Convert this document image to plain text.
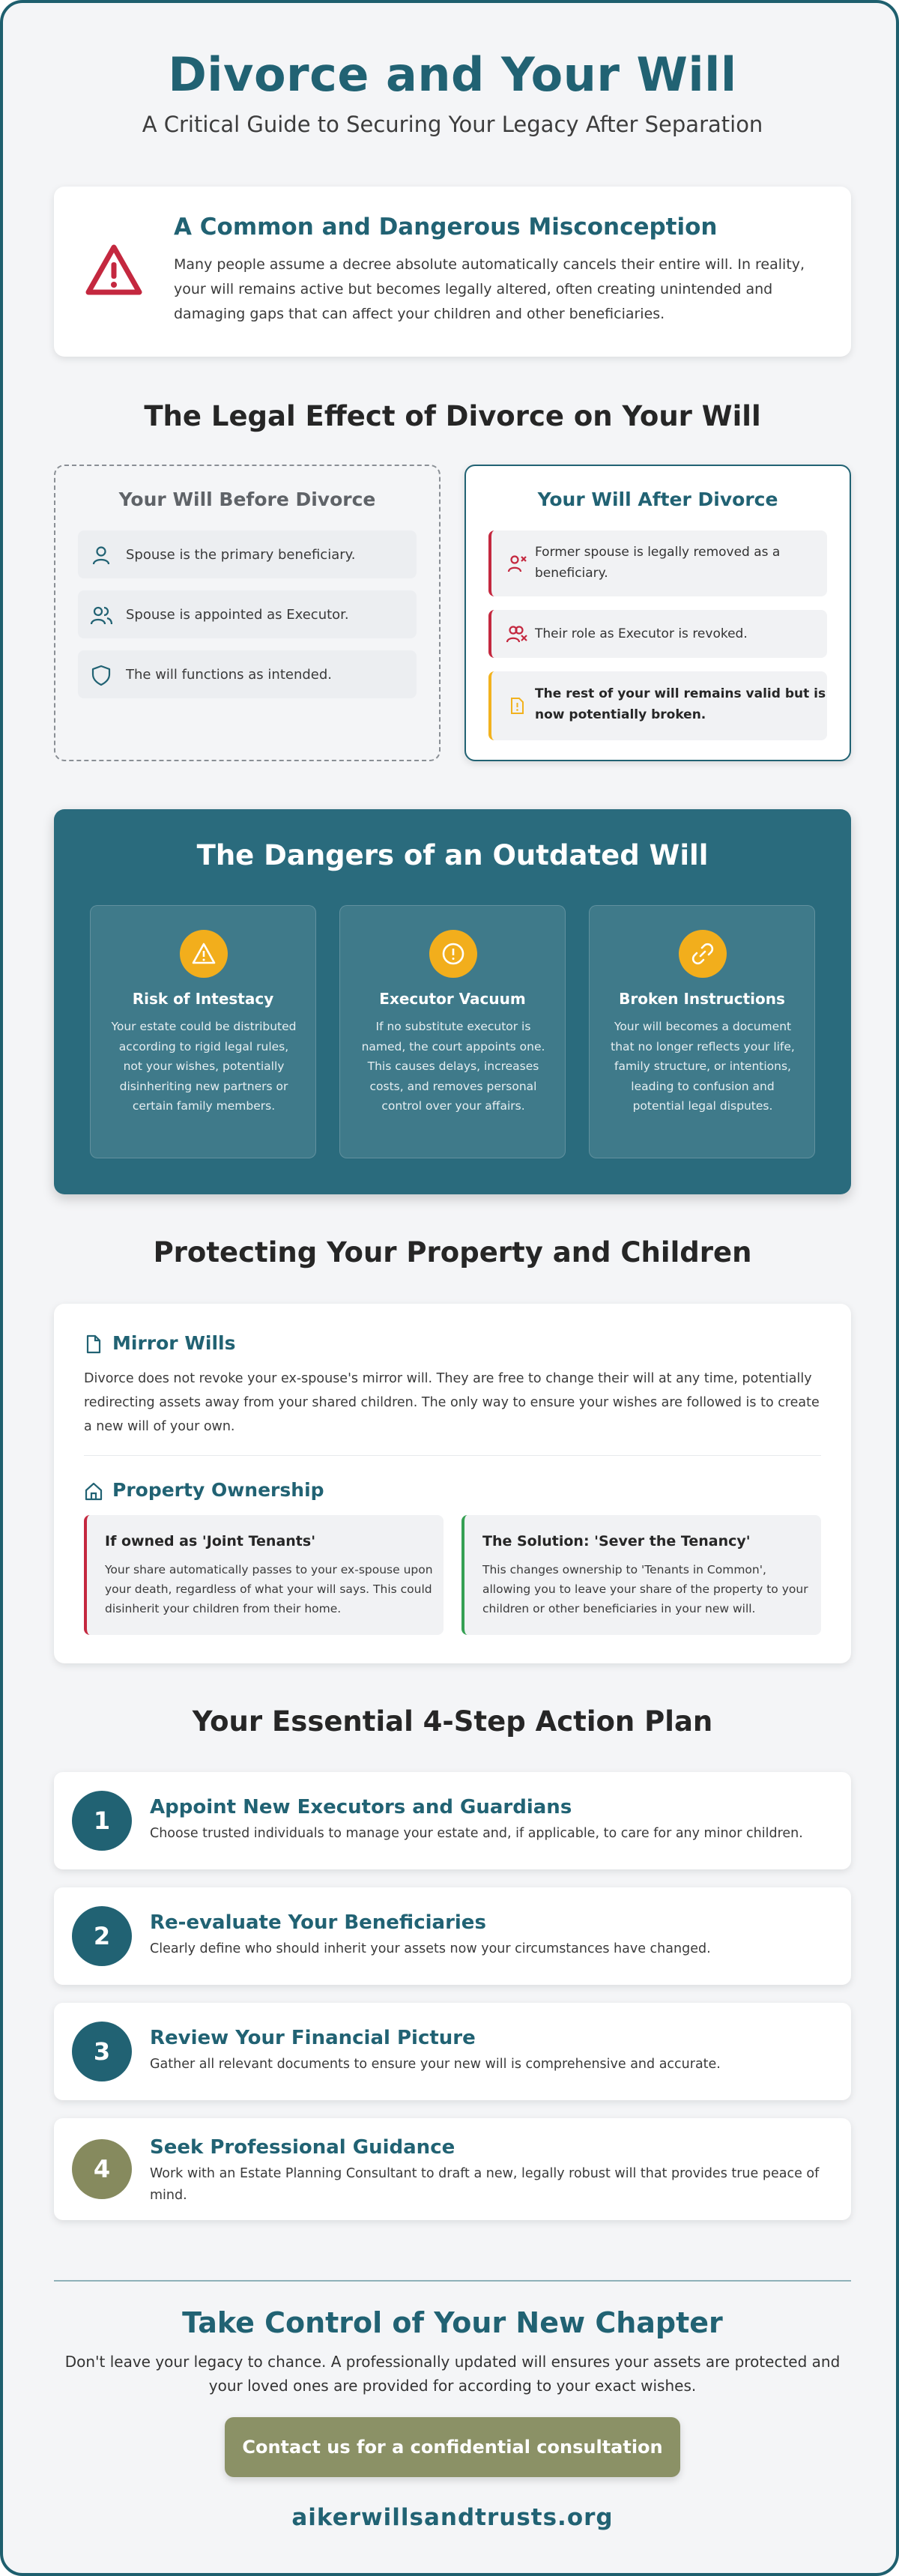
Divorce and Your Will
A Critical Guide to Securing Your Legacy After Separation
A Common and Dangerous Misconception

Many people assume a decree absolute automatically cancels their entire will. In reality, your will remains active but becomes legally altered, often creating unintended and damaging gaps that can affect your children and other beneficiaries.

The Legal Effect of Divorce on Your Will
Your Will Before Divorce
Spouse is the primary beneficiary.
Spouse is appointed as Executor.
The will functions as intended.
Your Will After Divorce
Former spouse is legally removed as a beneficiary.
Their role as Executor is revoked.
The rest of your will remains valid but is now potentially broken.
The Dangers of an Outdated Will
Risk of Intestacy

Your estate could be distributed according to rigid legal rules, not your wishes, potentially disinheriting new partners or certain family members.

Executor Vacuum

If no substitute executor is named, the court appoints one. This causes delays, increases costs, and removes personal control over your affairs.

Broken Instructions

Your will becomes a document that no longer reflects your life, family structure, or intentions, leading to confusion and potential legal disputes.

Protecting Your Property and Children
Mirror Wills

Divorce does not revoke your ex-spouse's mirror will. They are free to change their will at any time, potentially redirecting assets away from your shared children. The only way to ensure your wishes are followed is to create a new will of your own.

Property Ownership
If owned as 'Joint Tenants'

Your share automatically passes to your ex-spouse upon your death, regardless of what your will says. This could disinherit your children from their home.

The Solution: 'Sever the Tenancy'

This changes ownership to 'Tenants in Common', allowing you to leave your share of the property to your children or other beneficiaries in your new will.

Your Essential 4-Step Action Plan
1	Appoint New Executors and Guardians

Choose trusted individuals to manage your estate and, if applicable, to care for any minor children.

2	Re-evaluate Your Beneficiaries

Clearly define who should inherit your assets now your circumstances have changed.

3	Review Your Financial Picture

Gather all relevant documents to ensure your new will is comprehensive and accurate.

4
Seek Professional Guidance

Work with an Estate Planning Consultant to draft a new, legally robust will that provides true peace of mind.

Take Control of Your New Chapter
Don't leave your legacy to chance. A professionally updated will ensures your assets are protected and your loved ones are provided for according to your exact wishes.
Contact us for a confidential consultation
aikerwillsandtrusts.org
